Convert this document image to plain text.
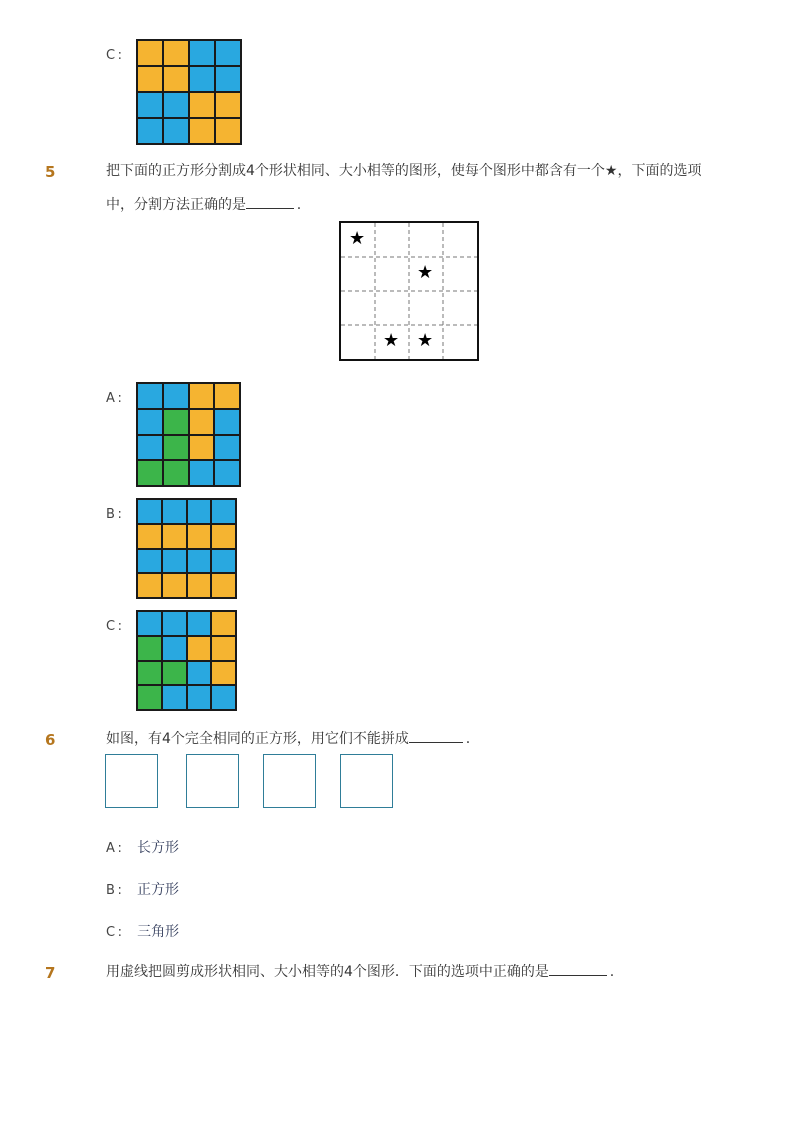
C :
5	把下面的正方形分割成4个形状相同、大小相等的图形，使每个图形中都含有一个★，下面的选项
中，分割方法正确的是	 .
★
★
★ ★
A :
B :
C :
6	如图，有4个完全相同的正方形，用它们不能拼成	 .
A : 长方形
B : 正方形
C : 三角形
7	用虚线把圆剪成形状相同、大小相等的4个图形．下面的选项中正确的是	 .
